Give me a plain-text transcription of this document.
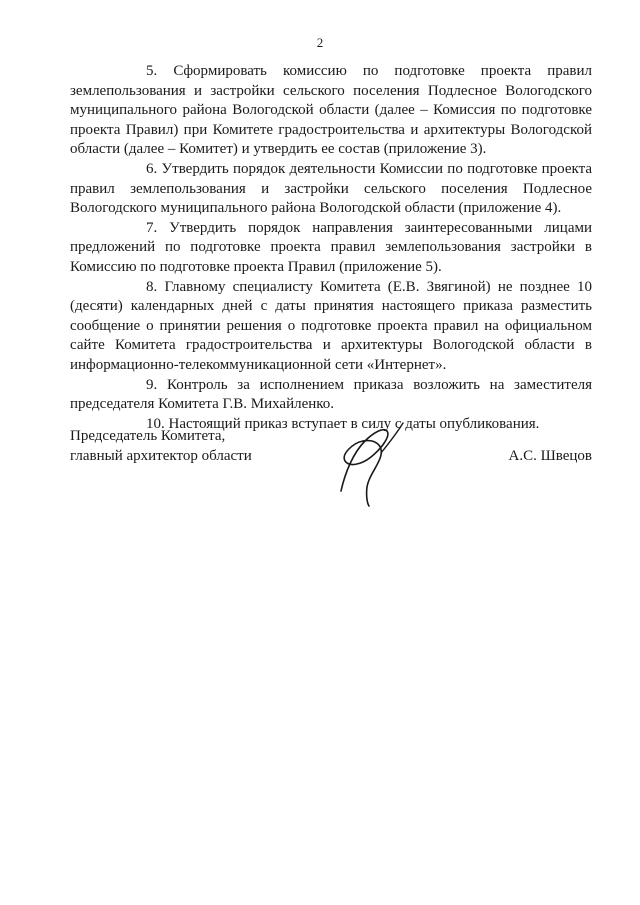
2

5. Сформировать комиссию по подготовке проекта правил землепользования и застройки сельского поселения Подлесное Вологодского муниципального района Вологодской области (далее – Комиссия по подготовке проекта Правил) при Комитете градостроительства и архитектуры Вологодской области (далее – Комитет) и утвердить ее состав (приложение 3).

6. Утвердить порядок деятельности Комиссии по подготовке проекта правил землепользования и застройки сельского поселения Подлесное Вологодского муниципального района Вологодской области (приложение 4).

7. Утвердить порядок направления заинтересованными лицами предложений по подготовке проекта правил землепользования застройки в Комиссию по подготовке проекта Правил (приложение 5).

8. Главному специалисту Комитета (Е.В. Звягиной) не позднее 10 (десяти) календарных дней с даты принятия настоящего приказа разместить сообщение о принятии решения о подготовке проекта правил на официальном сайте Комитета градостроительства и архитектуры Вологодской области в информационно-телекоммуникационной сети «Интернет».

9. Контроль за исполнением приказа возложить на заместителя председателя Комитета Г.В. Михайленко.

10. Настоящий приказ вступает в силу с даты опубликования.

Председатель Комитета,
главный архитектор области	А.С. Швецов
